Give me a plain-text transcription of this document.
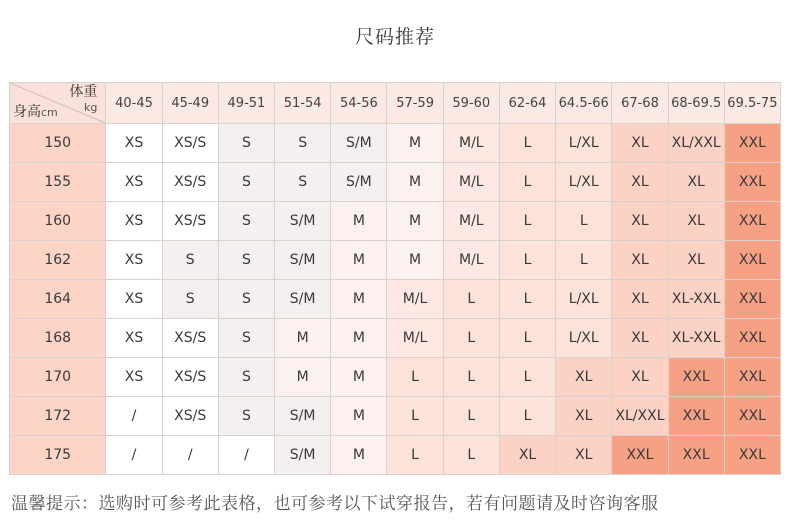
尺码推荐
体重
kg
身高cm	40-45	45-49	49-51	51-54	54-56	57-59	59-60	62-64	64.5-66	67-68	68-69.5	69.5-75
150	XS	XS/S	S	S	S/M	M	M/L	L	L/XL	XL	XL/XXL	XXL
155	XS	XS/S	S	S	S/M	M	M/L	L	L/XL	XL	XL	XXL
160	XS	XS/S	S	S/M	M	M	M/L	L	L	XL	XL	XXL
162	XS	S	S	S/M	M	M	M/L	L	L	XL	XL	XXL
164	XS	S	S	S/M	M	M/L	L	L	L/XL	XL	XL-XXL	XXL
168	XS	XS/S	S	M	M	M/L	L	L	L/XL	XL	XL-XXL	XXL
170	XS	XS/S	S	M	M	L	L	L	XL	XL	XXL	XXL
172	/	XS/S	S	S/M	M	L	L	L	XL	XL/XXL	XXL	XXL
175	/	/	/	S/M	M	L	L	XL	XL	XXL	XXL	XXL
温馨提示：选购时可参考此表格，也可参考以下试穿报告，若有问题请及时咨询客服
